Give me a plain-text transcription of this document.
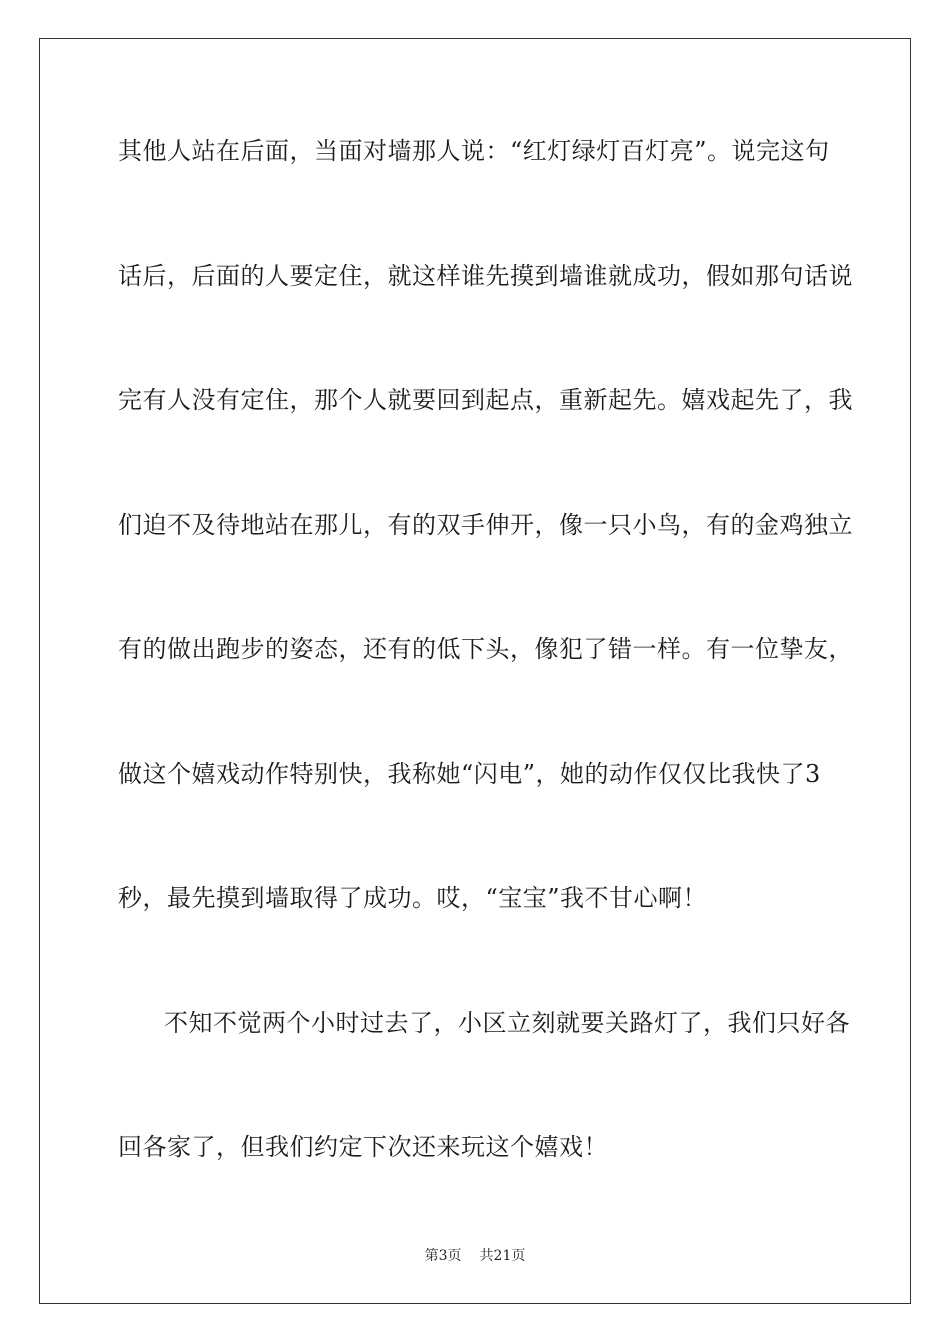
其他人站在后面，当面对墙那人说：“红灯绿灯百灯亮”。说完这句
话后，后面的人要定住，就这样谁先摸到墙谁就成功，假如那句话说
完有人没有定住，那个人就要回到起点，重新起先。嬉戏起先了，我
们迫不及待地站在那儿，有的双手伸开，像一只小鸟，有的金鸡独立
有的做出跑步的姿态，还有的低下头，像犯了错一样。有一位挚友，
做这个嬉戏动作特别快，我称她“闪电”，她的动作仅仅比我快了3
秒，最先摸到墙取得了成功。哎，“宝宝”我不甘心啊！
不知不觉两个小时过去了，小区立刻就要关路灯了，我们只好各
回各家了，但我们约定下次还来玩这个嬉戏！
第3页 共21页
